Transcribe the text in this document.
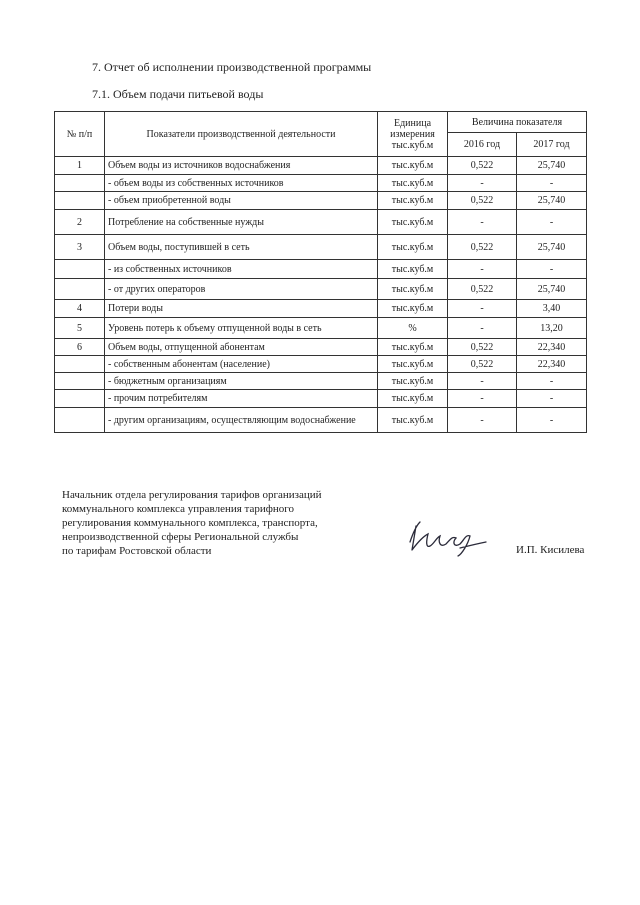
7. Отчет об исполнении производственной программы
7.1. Объем подачи питьевой воды
№ п/п	Показатели производственной деятельности	Единица измерения тыс.куб.м	Величина показателя	
			2016 год	2017 год
1	Объем воды из источников водоснабжения	тыс.куб.м	0,522	25,740
	- объем воды из собственных источников	тыс.куб.м	-	-
	- объем приобретенной воды	тыс.куб.м	0,522	25,740
2	Потребление на собственные нужды	тыс.куб.м	-	-
3	Объем воды, поступившей в сеть	тыс.куб.м	0,522	25,740
	- из собственных источников	тыс.куб.м	-	-
	- от других операторов	тыс.куб.м	0,522	25,740
4	Потери воды	тыс.куб.м	-	3,40
5	Уровень потерь к объему отпущенной воды в сеть	%	-	13,20
6	Объем воды, отпущенной абонентам	тыс.куб.м	0,522	22,340
	- собственным абонентам (население)	тыс.куб.м	0,522	22,340
	- бюджетным организациям	тыс.куб.м	-	-
	- прочим потребителям	тыс.куб.м	-	-
	- другим организациям, осуществляющим водоснабжение	тыс.куб.м	-	-
Начальник отдела регулирования тарифов организаций
коммунального комплекса управления тарифного
регулирования коммунального комплекса, транспорта,
непроизводственной сферы Региональной службы
по тарифам Ростовской области	И.П. Кисилева
